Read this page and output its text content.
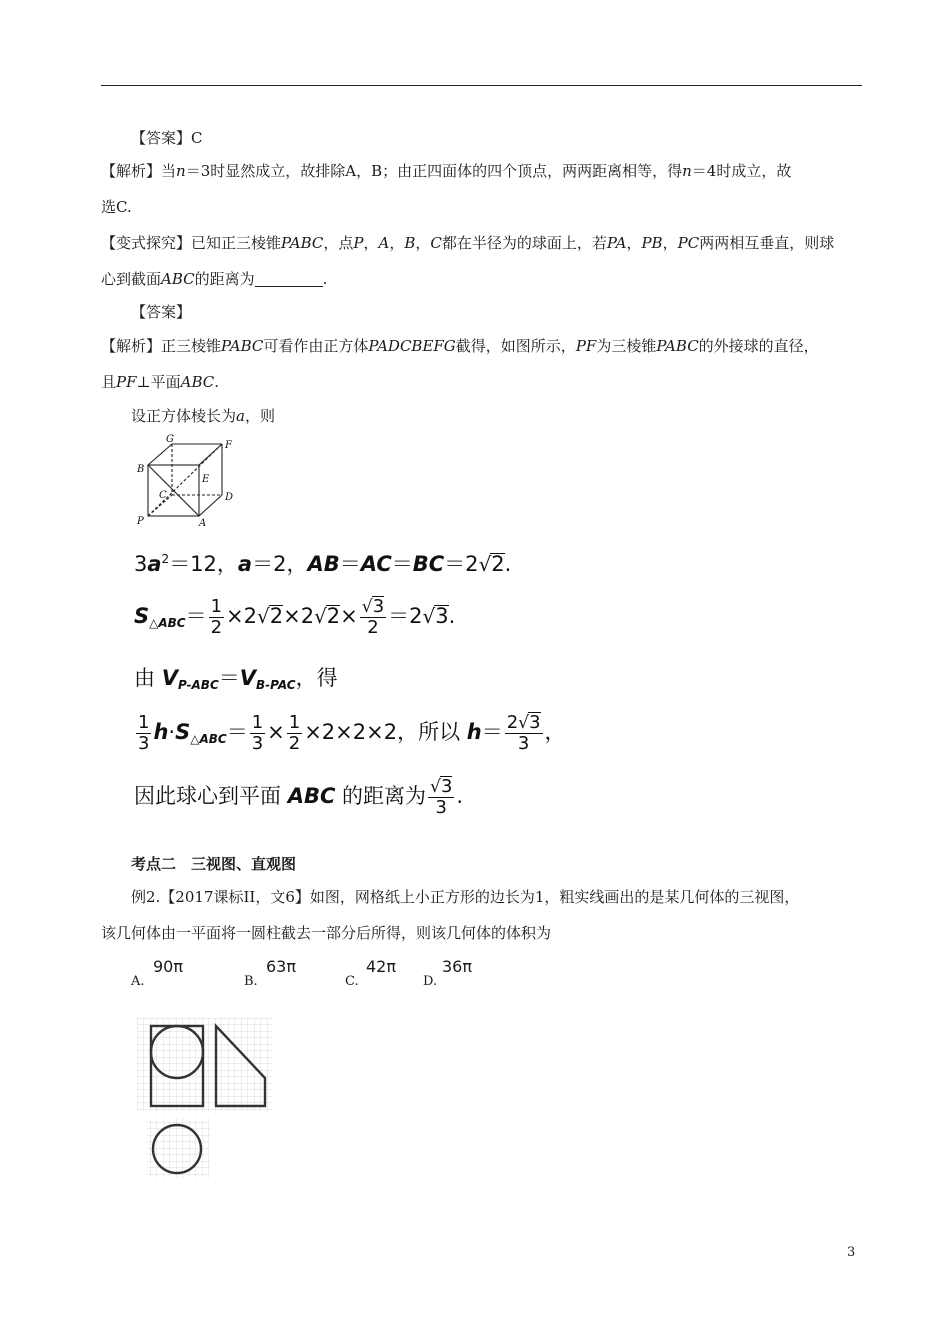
【答案】C
【解析】当n＝3时显然成立，故排除A，B；由正四面体的四个顶点，两两距离相等，得n＝4时成立，故
选C.
【变式探究】已知正三棱锥PABC，点P，A，B，C都在半径为的球面上，若PA，PB，PC两两相互垂直，则球
心到截面ABC的距离为	.
【答案】
【解析】正三棱锥PABC可看作由正方体PADCBEFG截得，如图所示，PF为三棱锥PABC的外接球的直径，
且PF⊥平面ABC.
设正方体棱长为a，则
G
F
B
E
C	D
P	A
$3a^2=12$，a＝2，AB＝AC＝BC＝2√2.
$S_{\triangle ABC}= \frac{1}{2} \times 2√2\times 2√2\times \frac{√3}{2} =2√3$.
由 $V_{P-ABC}=V_{B-PAC}$，得
$\frac{1}{3} h\cdot S_{\triangle ABC}= \frac{1}{3} \times \frac{1}{2} \times 2\times 2\times 2$，所以 $h= \frac{2√3}{3}$ ，
因此球心到平面 ABC 的距离为 $\frac{√3}{3}$ .
考点二　三视图、直观图
例2.【2017课标II，文6】如图，网格纸上小正方形的边长为1，粗实线画出的是某几何体的三视图，
该几何体由一平面将一圆柱截去一部分后所得，则该几何体的体积为
A.
90π
B.
63π
C.
42π
D.
36π
3
